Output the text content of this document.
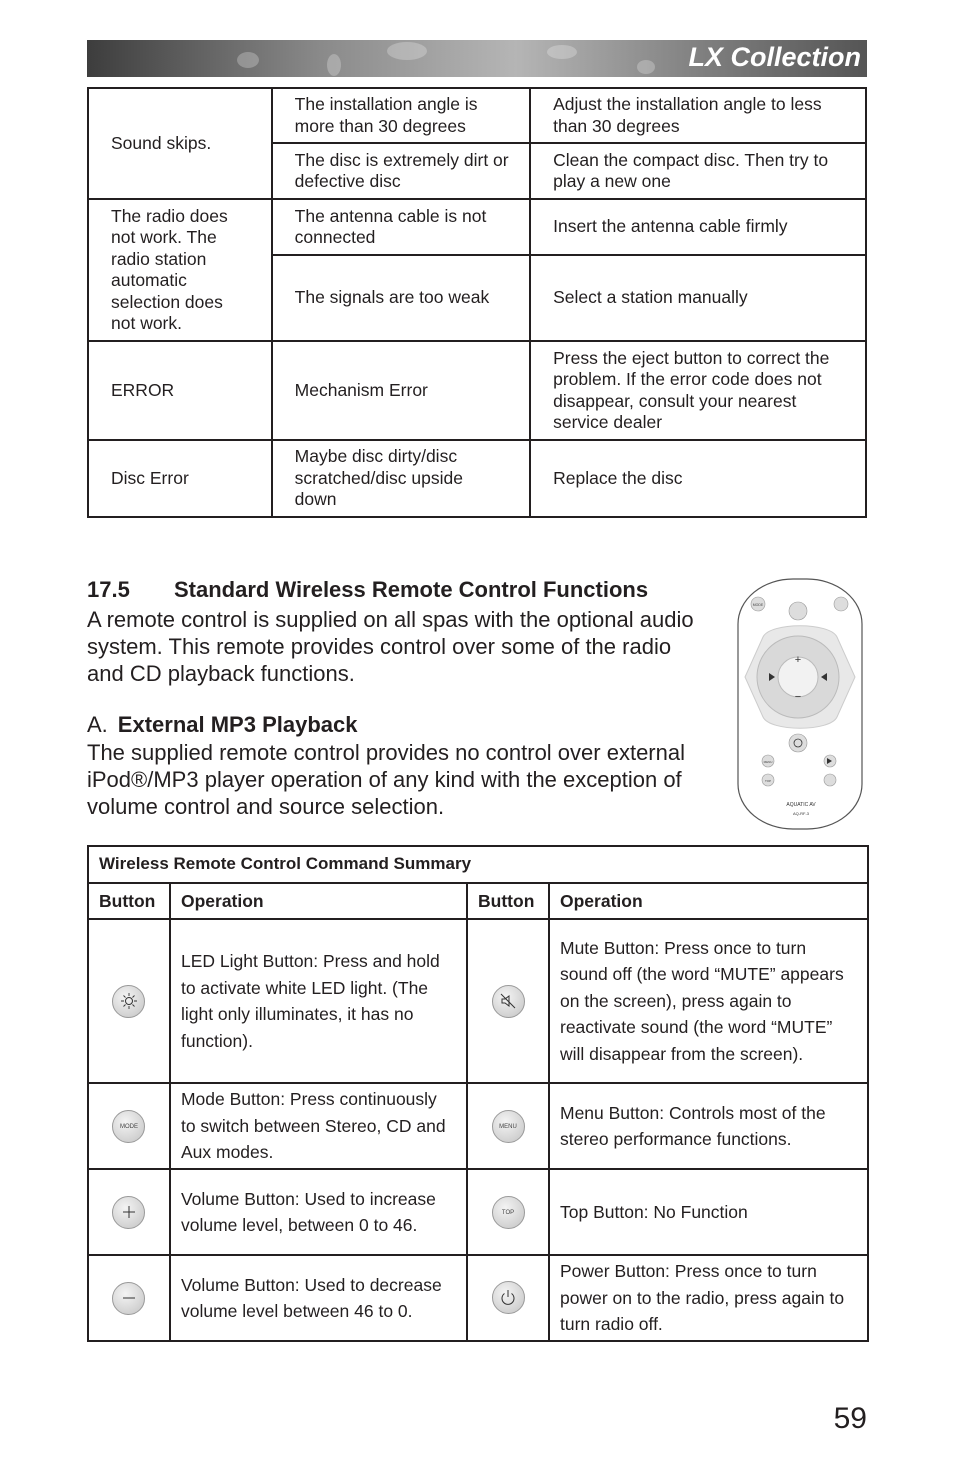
LX Collection
Sound skips.	The installation angle is more than 30 degrees	Adjust the installation angle to less than 30 degrees
	The disc is extremely dirt or defective disc	Clean the compact disc. Then try to play a new one
The radio does not work. The radio station automatic selection does not work.	The antenna cable is not connected	Insert the antenna cable firmly
	The signals are too weak	Select a station manually
ERROR	Mechanism Error	Press the eject button to correct the problem. If the error code does not disappear, consult your nearest service dealer
Disc Error	Maybe disc dirty/disc scratched/disc upside down	Replace the disc
17.5 Standard Wireless Remote Control Functions

A remote control is supplied on all spas with the optional audio system. This remote provides control over some of the radio and CD playback functions.

A. External MP3 Playback

The supplied remote control provides no control over external iPod®/MP3 player operation of any kind with the exception of volume control and source selection.

MODE
+
−
MENU
TOP
AQUATIC AV
AQ-RF-3
Wireless Remote Control Command Summary			
Button	Operation	Button	Operation

	LED Light Button: Press and hold to activate white LED light. (The light only illuminates, it has no function).		Mute Button: Press once to turn sound off (the word “MUTE” appears on the screen), press again to reactivate sound (the word “MUTE” will disappear from the screen).
MODE	Mode Button: Press continuously to switch between Stereo, CD and Aux modes.	MENU	Menu Button: Controls most of the stereo performance functions.

	Volume Button: Used to increase volume level, between 0 to 46.	TOP	Top Button: No Function

	Volume Button: Used to decrease volume level between 46 to 0.		Power Button: Press once to turn power on to the radio, press again to turn radio off.
59
